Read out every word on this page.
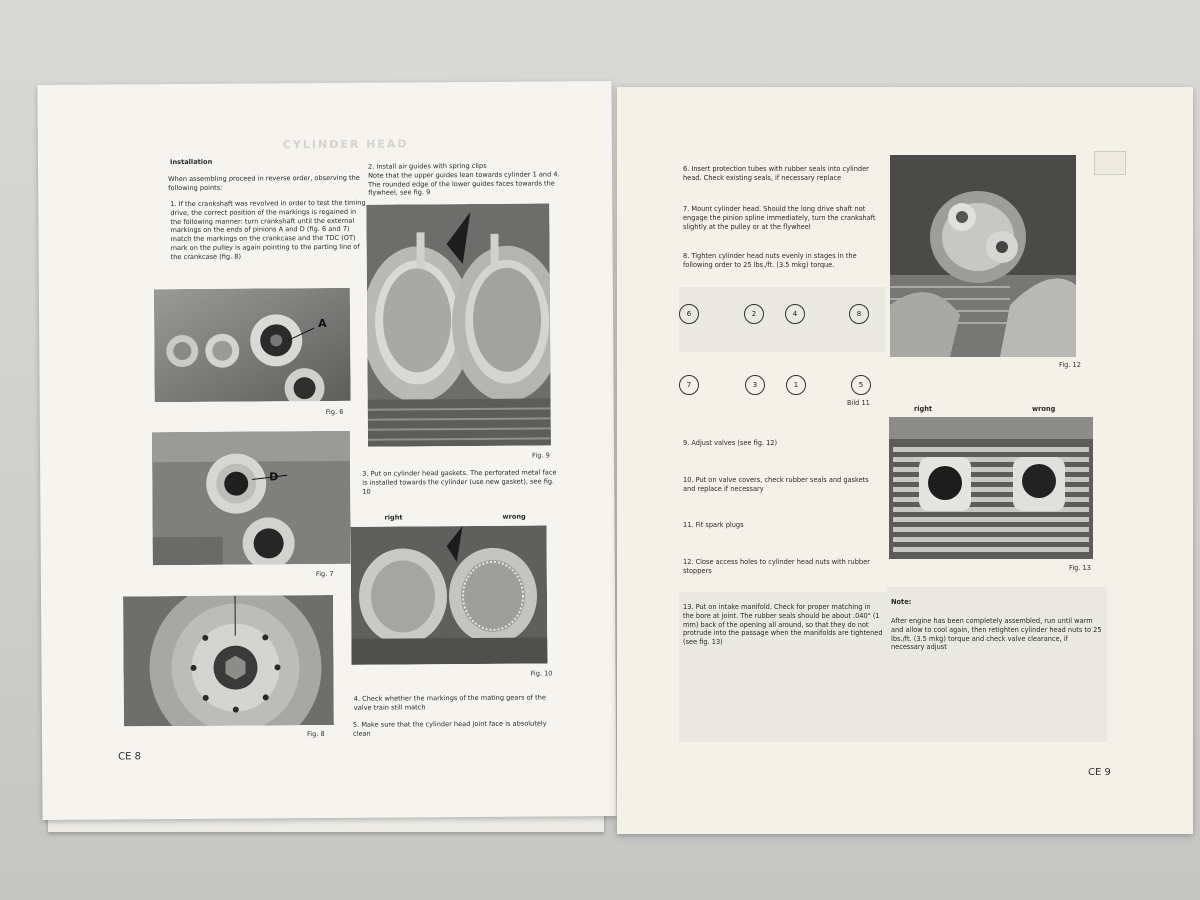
CYLINDER HEAD
Installation
When assembling proceed in reverse order, observing the following points:
1. If the crankshaft was revolved in order to test the timing drive, the correct position of the markings is regained in the following manner: turn crankshaft until the external markings on the ends of pinions A and D (fig. 6 and 7) match the markings on the crankcase and the TDC (OT) mark on the pulley is again pointing to the parting line of the crankcase (fig. 8)
2. Install air guides with spring clips
Note that the upper guides lean towards cylinder 1 and 4. The rounded edge of the lower guides faces towards the flywheel, see fig. 9
A
Fig. 6
D
Fig. 7
Fig. 8
Fig. 9
3. Put on cylinder head gaskets. The perforated metal face is installed towards the cylinder (use new gasket), see fig. 10
right	wrong
Fig. 10
4. Check whether the markings of the mating gears of the valve train still match
5. Make sure that the cylinder head joint face is absolutely clean
CE 8
6. Insert protection tubes with rubber seals into cylinder head. Check existing seals, if necessary replace
7. Mount cylinder head. Should the long drive shaft not engage the pinion spline immediately, turn the crankshaft slightly at the pulley or at the flywheel
8. Tighten cylinder head nuts evenly in stages in the following order to 25 lbs./ft. (3.5 mkg) torque.
6	2	4	8
7	3	1	5
Bild 11
Fig. 12
right	wrong
Fig. 13
9. Adjust valves (see fig. 12)
10. Put on valve covers, check rubber seals and gaskets and replace if necessary
11. Fit spark plugs
12. Close access holes to cylinder head nuts with rubber stoppers
13. Put on intake manifold. Check for proper matching in the bore at joint. The rubber seals should be about .040" (1 mm) back of the opening all around, so that they do not protrude into the passage when the manifolds are tightened (see fig. 13)
Note:
After engine has been completely assembled, run until warm and allow to cool again, then retighten cylinder head nuts to 25 lbs./ft. (3.5 mkg) torque and check valve clearance, if necessary adjust
CE 9
